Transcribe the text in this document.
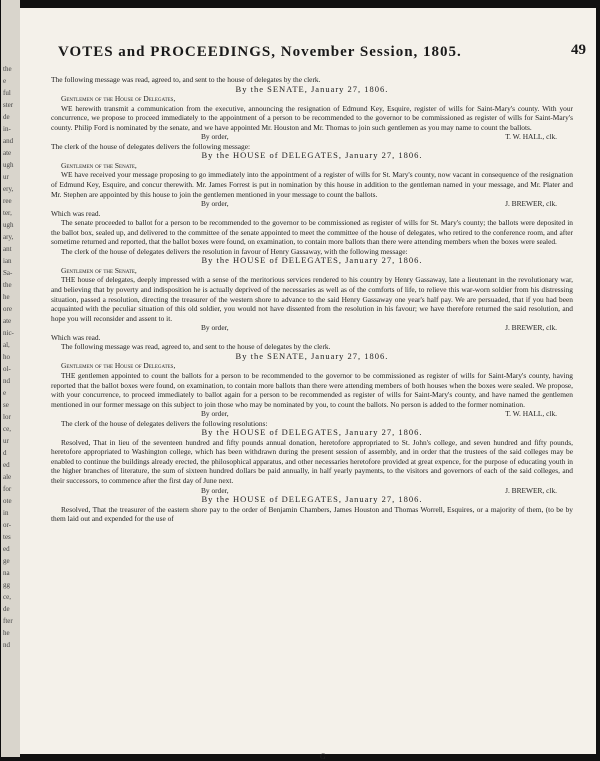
the
e
ful
ster
de
in-
and
ate
ugh
ur
ery,
ree
ter,
ugh
ary,
ant
ian
Sa-
the
he
ore
ate
nic-
al,
ho
ol-
nd
e
se
lor
ce,
ur
d
ed
ale
for
ote
in
or-
tes
ed
ge
na
gg
ce,
de
fter
he
nd
VOTES and PROCEEDINGS, November Session, 1805.	49

The following message was read, agreed to, and sent to the house of delegates by the clerk.

By the SENATE, January 27, 1806.

Gentlemen of the House of Delegates,

WE herewith transmit a communication from the executive, announcing the resignation of Edmund Key, Esquire, register of wills for Saint-Mary's county. With your concurrence, we propose to proceed immediately to the appointment of a person to be recommended to the governor to be commissioned as register of wills for Saint-Mary's county. Philip Ford is nominated by the senate, and we have appointed Mr. Houston and Mr. Thomas to join such gentlemen as you may name to count the ballots.

By order,	T. W. HALL, clk.

The clerk of the house of delegates delivers the following message:

By the HOUSE of DELEGATES, January 27, 1806.

Gentlemen of the Senate,

WE have received your message proposing to go immediately into the appointment of a register of wills for St. Mary's county, now vacant in consequence of the resignation of Edmund Key, Esquire, and concur therewith. Mr. James Forrest is put in nomination by this house in addition to the gentleman named in your message, and Mr. Plater and Mr. Stephen are appointed by this house to join the gentlemen mentioned in your message to count the ballots.

By order,	J. BREWER, clk.

Which was read.

The senate proceeded to ballot for a person to be recommended to the governor to be commissioned as register of wills for St. Mary's county; the ballots were deposited in the ballot box, sealed up, and delivered to the committee of the senate appointed to meet the committee of the house of delegates, who retired to the conference room, and after sometime returned and reported, that the ballot boxes were found, on examination, to contain more ballots than there were attending members when the boxes were sealed.

The clerk of the house of delegates delivers the resolution in favour of Henry Gassaway, with the following message:

By the HOUSE of DELEGATES, January 27, 1806.

Gentlemen of the Senate,

THE house of delegates, deeply impressed with a sense of the meritorious services rendered to his country by Henry Gassaway, late a lieutenant in the revolutionary war, and believing that by poverty and indisposition he is actually deprived of the necessaries as well as of the comforts of life, to relieve this war-worn soldier from his distressing situation, passed a resolution, directing the treasurer of the western shore to advance to the said Henry Gassaway one year's half pay. We are persuaded, that if you had been acquainted with the peculiar situation of this old soldier, you would not have dissented from the resolution in his favour; we have therefore returned the said resolution, and hope you will reconsider and assent to it.

By order,	J. BREWER, clk.

Which was read.

The following message was read, agreed to, and sent to the house of delegates by the clerk.

By the SENATE, January 27, 1806.

Gentlemen of the House of Delegates,

THE gentlemen appointed to count the ballots for a person to be recommended to the governor to be commissioned as register of wills for Saint-Mary's county, having reported that the ballot boxes were found, on examination, to contain more ballots than there were attending members of both houses when the boxes were sealed. We propose, with your concurrence, to proceed immediately to ballot again for a person to be recommended as register of wills for Saint-Mary's county, and have named the gentlemen mentioned in our former message on this subject to join those who may be nominated by you, to count the ballots. No person is added to the former nomination.

By order,	T. W. HALL, clk.

The clerk of the house of delegates delivers the following resolutions:

By the HOUSE of DELEGATES, January 27, 1806.

Resolved, That in lieu of the seventeen hundred and fifty pounds annual donation, heretofore appropriated to St. John's college, and seven hundred and fifty pounds, heretofore appropriated to Washington college, which has been withdrawn during the present session of assembly, and in order that the trustees of the said colleges may be enabled to continue the buildings already erected, the philosophical apparatus, and other necessaries heretofore provided at great expence, for the purpose of educating youth in the higher branches of literature, the sum of sixteen hundred dollars be paid annually, in half yearly payments, to the visitors and governors of each of the said colleges, and their successors, to commence after the first day of June next.

By order,	J. BREWER, clk.

By the HOUSE of DELEGATES, January 27, 1806.

Resolved, That the treasurer of the eastern shore pay to the order of Benjamin Chambers, James Houston and Thomas Worrell, Esquires, or a majority of them, (to be by them laid out and expended for the use of

G
